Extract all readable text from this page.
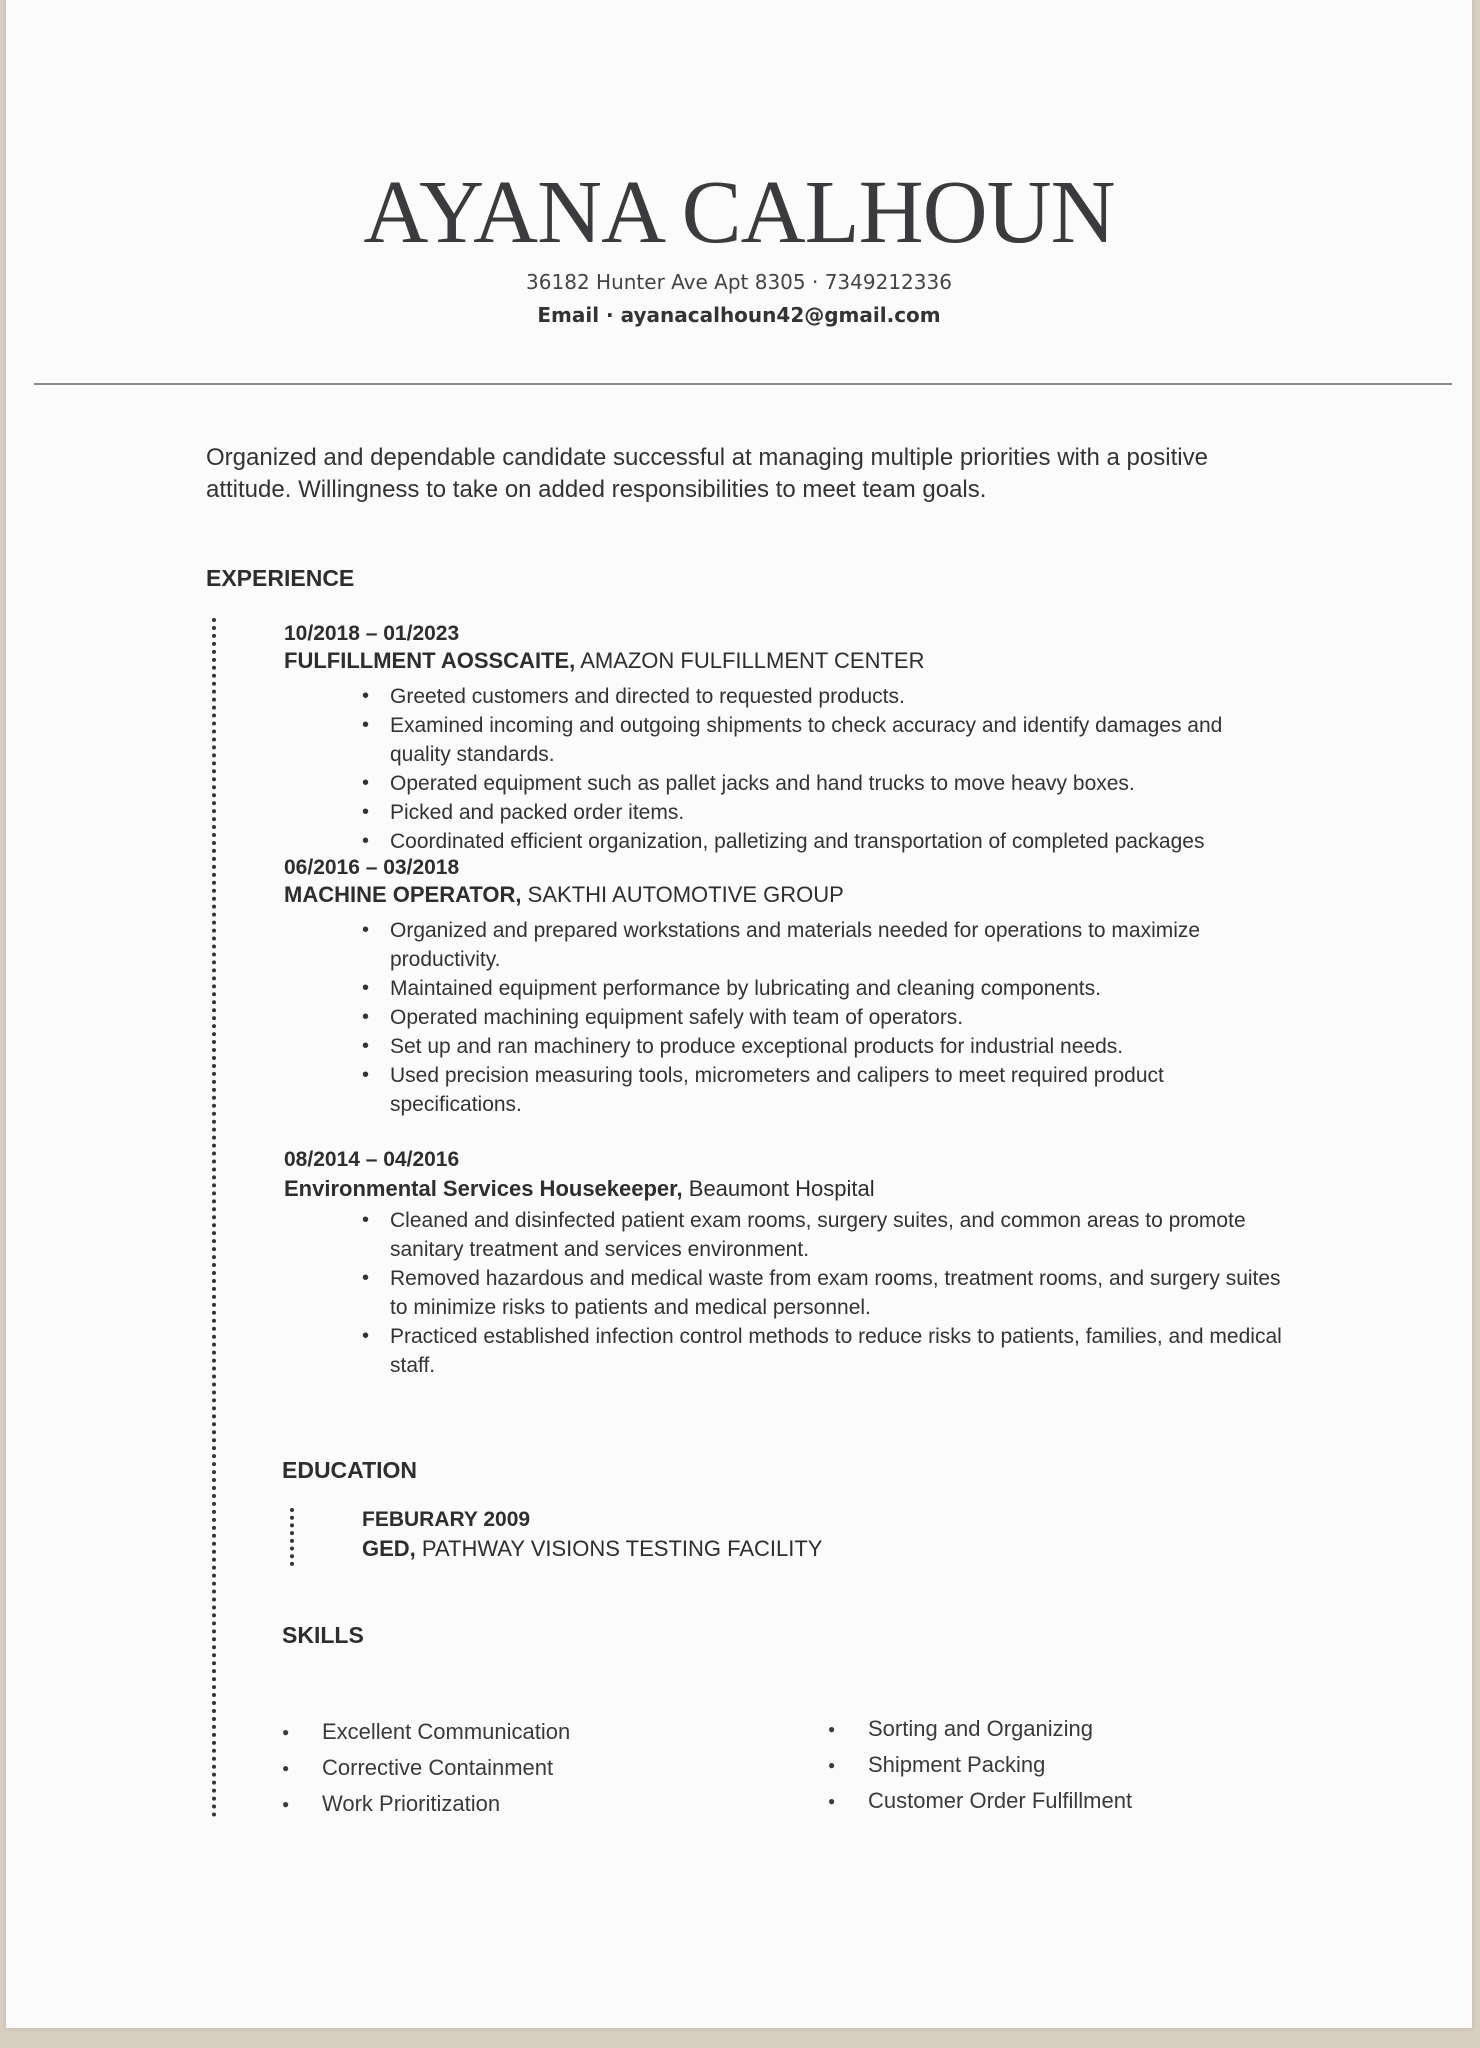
AYANA CALHOUN
36182 Hunter Ave Apt 8305 · 7349212336
Email · ayanacalhoun42@gmail.com
Organized and dependable candidate successful at managing multiple priorities with a positive attitude. Willingness to take on added responsibilities to meet team goals.
EXPERIENCE
10/2018 – 01/2023
FULFILLMENT AOSSCAITE, AMAZON FULFILLMENT CENTER
• Greeted customers and directed to requested products.
• Examined incoming and outgoing shipments to check accuracy and identify damages and quality standards.
• Operated equipment such as pallet jacks and hand trucks to move heavy boxes.
• Picked and packed order items.
• Coordinated efficient organization, palletizing and transportation of completed packages
06/2016 – 03/2018
MACHINE OPERATOR, SAKTHI AUTOMOTIVE GROUP
• Organized and prepared workstations and materials needed for operations to maximize productivity.
• Maintained equipment performance by lubricating and cleaning components.
• Operated machining equipment safely with team of operators.
• Set up and ran machinery to produce exceptional products for industrial needs.
• Used precision measuring tools, micrometers and calipers to meet required product specifications.
08/2014 – 04/2016
Environmental Services Housekeeper, Beaumont Hospital
• Cleaned and disinfected patient exam rooms, surgery suites, and common areas to promote sanitary treatment and services environment.
• Removed hazardous and medical waste from exam rooms, treatment rooms, and surgery suites to minimize risks to patients and medical personnel.
• Practiced established infection control methods to reduce risks to patients, families, and medical staff.
EDUCATION
FEBURARY 2009
GED, PATHWAY VISIONS TESTING FACILITY
SKILLS
● Excellent Communication
● Corrective Containment
● Work Prioritization
● Sorting and Organizing
● Shipment Packing
● Customer Order Fulfillment
